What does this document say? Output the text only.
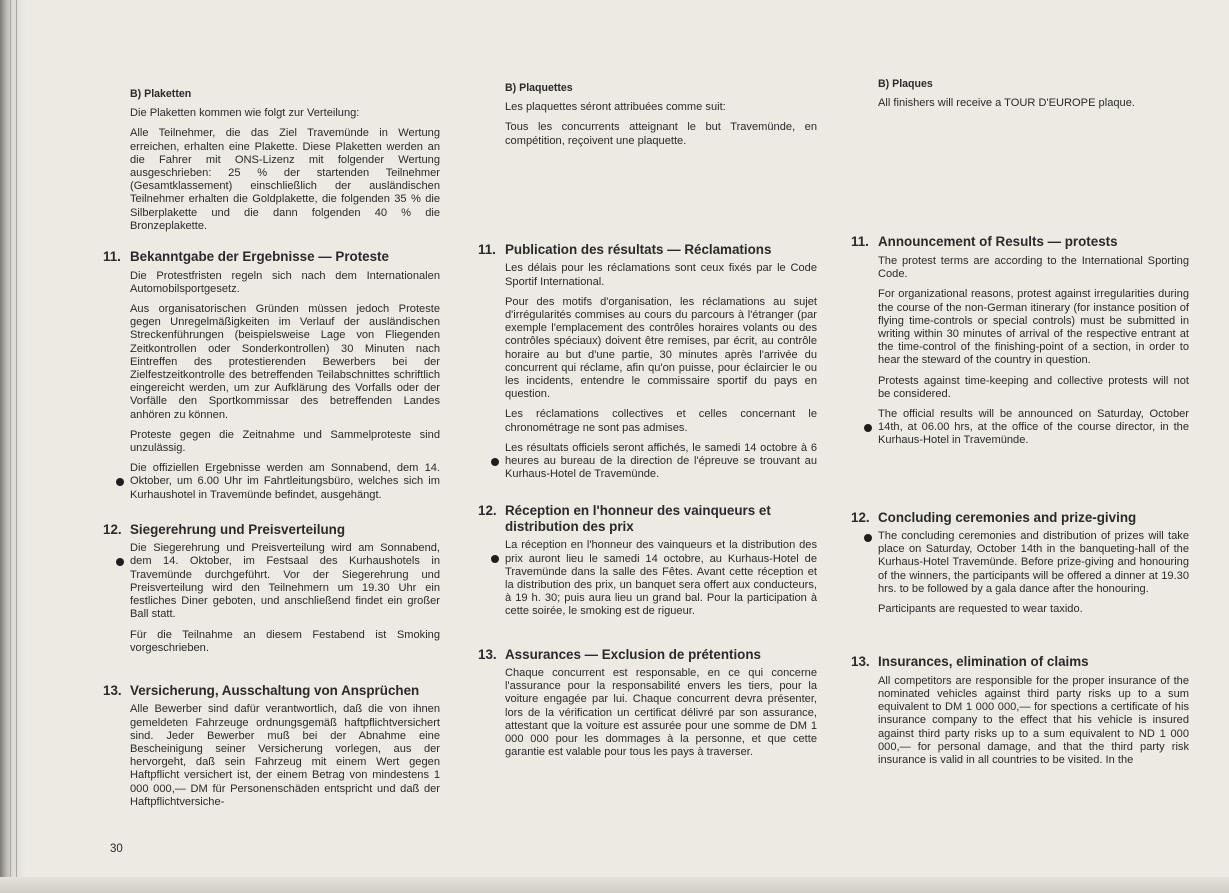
B) Plaketten

Die Plaketten kommen wie folgt zur Verteilung:

Alle Teilnehmer, die das Ziel Travemünde in Wertung erreichen, erhalten eine Plakette. Diese Plaketten werden an die Fahrer mit ONS-Lizenz mit folgender Wertung ausgeschrieben: 25 % der startenden Teilnehmer (Gesamtklassement) einschließlich der ausländischen Teilnehmer erhalten die Goldplakette, die folgenden 35 % die Silberplakette und die dann folgenden 40 % die Bronzeplakette.

11. Bekanntgabe der Ergebnisse — Proteste

Die Protestfristen regeln sich nach dem Internationalen Automobilsportgesetz.

Aus organisatorischen Gründen müssen jedoch Proteste gegen Unregelmäßigkeiten im Verlauf der ausländischen Streckenführungen (beispielsweise Lage von Fliegenden Zeitkontrollen oder Sonderkontrollen) 30 Minuten nach Eintreffen des protestierenden Bewerbers bei der Zielfestzeitkontrolle des betreffenden Teilabschnittes schriftlich eingereicht werden, um zur Aufklärung des Vorfalls oder der Vorfälle den Sportkommissar des betreffenden Landes anhören zu können.

Proteste gegen die Zeitnahme und Sammelproteste sind unzulässig.

Die offiziellen Ergebnisse werden am Sonnabend, dem 14. Oktober, um 6.00 Uhr im Fahrtleitungsbüro, welches sich im Kurhaushotel in Travemünde befindet, ausgehängt.

12. Siegerehrung und Preisverteilung

Die Siegerehrung und Preisverteilung wird am Sonnabend, dem 14. Oktober, im Festsaal des Kurhaushotels in Travemünde durchgeführt. Vor der Siegerehrung und Preisverteilung wird den Teilnehmern um 19.30 Uhr ein festliches Diner geboten, und anschließend findet ein großer Ball statt.

Für die Teilnahme an diesem Festabend ist Smoking vorgeschrieben.

13. Versicherung, Ausschaltung von Ansprüchen

Alle Bewerber sind dafür verantwortlich, daß die von ihnen gemeldeten Fahrzeuge ordnungsgemäß haftpflichtversichert sind. Jeder Bewerber muß bei der Abnahme eine Bescheinigung seiner Versicherung vorlegen, aus der hervorgeht, daß sein Fahrzeug mit einem Wert gegen Haftpflicht versichert ist, der einem Betrag von mindestens 1 000 000,— DM für Personenschäden entspricht und daß der Haftpflichtversiche-

B) Plaquettes

Les plaquettes séront attribuées comme suit:

Tous les concurrents atteignant le but Travemünde, en compétition, reçoivent une plaquette.

11. Publication des résultats — Réclamations

Les délais pour les réclamations sont ceux fixés par le Code Sportif International.

Pour des motifs d'organisation, les réclamations au sujet d'irrégularités commises au cours du parcours à l'étranger (par exemple l'emplacement des contrôles horaires volants ou des contrôles spéciaux) doivent être remises, par écrit, au contrôle horaire au but d'une partie, 30 minutes après l'arrivée du concurrent qui réclame, afin qu'on puisse, pour éclaircier le ou les incidents, entendre le commissaire sportif du pays en question.

Les réclamations collectives et celles concernant le chronométrage ne sont pas admises.

Les résultats officiels seront affichés, le samedi 14 octobre à 6 heures au bureau de la direction de l'épreuve se trouvant au Kurhaus-Hotel de Travemünde.

12. Réception en l'honneur des vainqueurs et distribution des prix

La réception en l'honneur des vainqueurs et la distribution des prix auront lieu le samedi 14 octobre, au Kurhaus-Hotel de Travemünde dans la salle des Fêtes. Avant cette réception et la distribution des prix, un banquet sera offert aux conducteurs, à 19 h. 30; puis aura lieu un grand bal. Pour la participation à cette soirée, le smoking est de rigueur.

13. Assurances — Exclusion de prétentions

Chaque concurrent est responsable, en ce qui concerne l'assurance pour la responsabilité envers les tiers, pour la voiture engagée par lui. Chaque concurrent devra présenter, lors de la vérification un certificat délivré par son assurance, attestant que la voiture est assurée pour une somme de DM 1 000 000 pour les dommages à la personne, et que cette garantie est valable pour tous les pays à traverser.

B) Plaques

All finishers will receive a TOUR D'EUROPE plaque.

11. Announcement of Results — protests

The protest terms are according to the International Sporting Code.

For organizational reasons, protest against irregularities during the course of the non-German itinerary (for instance position of flying time-controls or special controls) must be submitted in writing within 30 minutes of arrival of the respective entrant at the time-control of the finishing-point of a section, in order to hear the steward of the country in question.

Protests against time-keeping and collective protests will not be considered.

The official results will be announced on Saturday, October 14th, at 06.00 hrs, at the office of the course director, in the Kurhaus-Hotel in Travemünde.

12. Concluding ceremonies and prize-giving

The concluding ceremonies and distribution of prizes will take place on Saturday, October 14th in the banqueting-hall of the Kurhaus-Hotel Travemünde. Before prize-giving and honouring of the winners, the participants will be offered a dinner at 19.30 hrs. to be followed by a gala dance after the honouring.

Participants are requested to wear taxido.

13. Insurances, elimination of claims

All competitors are responsible for the proper insurance of the nominated vehicles against third party risks up to a sum equivalent to DM 1 000 000,— for spections a certificate of his insurance company to the effect that his vehicle is insured against third party risks up to a sum equivalent to ND 1 000 000,— for personal damage, and that the third party risk insurance is valid in all countries to be visited. In the

30
